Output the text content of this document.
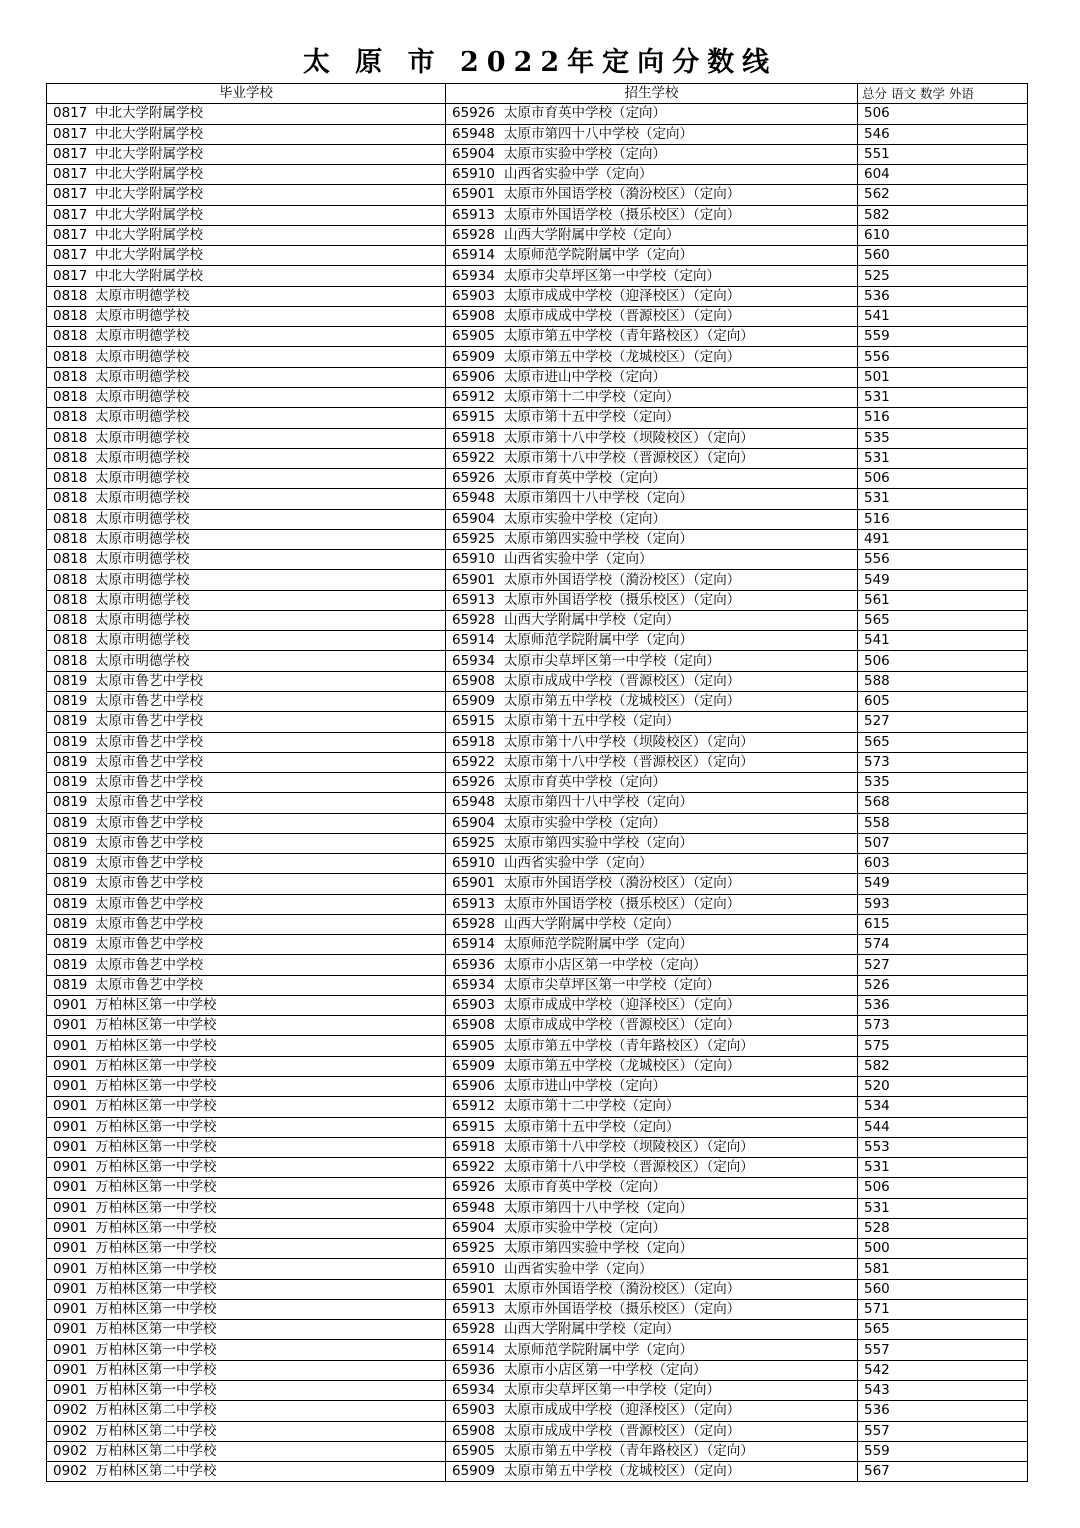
太 原 市 2022年定向分数线
毕业学校	招生学校	总分 语文 数学 外语
0817 中北大学附属学校	65926 太原市育英中学校（定向）	506
0817 中北大学附属学校	65948 太原市第四十八中学校（定向）	546
0817 中北大学附属学校	65904 太原市实验中学校（定向）	551
0817 中北大学附属学校	65910 山西省实验中学（定向）	604
0817 中北大学附属学校	65901 太原市外国语学校（漪汾校区）（定向）	562
0817 中北大学附属学校	65913 太原市外国语学校（摄乐校区）（定向）	582
0817 中北大学附属学校	65928 山西大学附属中学校（定向）	610
0817 中北大学附属学校	65914 太原师范学院附属中学（定向）	560
0817 中北大学附属学校	65934 太原市尖草坪区第一中学校（定向）	525
0818 太原市明德学校	65903 太原市成成中学校（迎泽校区）（定向）	536
0818 太原市明德学校	65908 太原市成成中学校（晋源校区）（定向）	541
0818 太原市明德学校	65905 太原市第五中学校（青年路校区）（定向）	559
0818 太原市明德学校	65909 太原市第五中学校（龙城校区）（定向）	556
0818 太原市明德学校	65906 太原市进山中学校（定向）	501
0818 太原市明德学校	65912 太原市第十二中学校（定向）	531
0818 太原市明德学校	65915 太原市第十五中学校（定向）	516
0818 太原市明德学校	65918 太原市第十八中学校（坝陵校区）（定向）	535
0818 太原市明德学校	65922 太原市第十八中学校（晋源校区）（定向）	531
0818 太原市明德学校	65926 太原市育英中学校（定向）	506
0818 太原市明德学校	65948 太原市第四十八中学校（定向）	531
0818 太原市明德学校	65904 太原市实验中学校（定向）	516
0818 太原市明德学校	65925 太原市第四实验中学校（定向）	491
0818 太原市明德学校	65910 山西省实验中学（定向）	556
0818 太原市明德学校	65901 太原市外国语学校（漪汾校区）（定向）	549
0818 太原市明德学校	65913 太原市外国语学校（摄乐校区）（定向）	561
0818 太原市明德学校	65928 山西大学附属中学校（定向）	565
0818 太原市明德学校	65914 太原师范学院附属中学（定向）	541
0818 太原市明德学校	65934 太原市尖草坪区第一中学校（定向）	506
0819 太原市鲁艺中学校	65908 太原市成成中学校（晋源校区）（定向）	588
0819 太原市鲁艺中学校	65909 太原市第五中学校（龙城校区）（定向）	605
0819 太原市鲁艺中学校	65915 太原市第十五中学校（定向）	527
0819 太原市鲁艺中学校	65918 太原市第十八中学校（坝陵校区）（定向）	565
0819 太原市鲁艺中学校	65922 太原市第十八中学校（晋源校区）（定向）	573
0819 太原市鲁艺中学校	65926 太原市育英中学校（定向）	535
0819 太原市鲁艺中学校	65948 太原市第四十八中学校（定向）	568
0819 太原市鲁艺中学校	65904 太原市实验中学校（定向）	558
0819 太原市鲁艺中学校	65925 太原市第四实验中学校（定向）	507
0819 太原市鲁艺中学校	65910 山西省实验中学（定向）	603
0819 太原市鲁艺中学校	65901 太原市外国语学校（漪汾校区）（定向）	549
0819 太原市鲁艺中学校	65913 太原市外国语学校（摄乐校区）（定向）	593
0819 太原市鲁艺中学校	65928 山西大学附属中学校（定向）	615
0819 太原市鲁艺中学校	65914 太原师范学院附属中学（定向）	574
0819 太原市鲁艺中学校	65936 太原市小店区第一中学校（定向）	527
0819 太原市鲁艺中学校	65934 太原市尖草坪区第一中学校（定向）	526
0901 万柏林区第一中学校	65903 太原市成成中学校（迎泽校区）（定向）	536
0901 万柏林区第一中学校	65908 太原市成成中学校（晋源校区）（定向）	573
0901 万柏林区第一中学校	65905 太原市第五中学校（青年路校区）（定向）	575
0901 万柏林区第一中学校	65909 太原市第五中学校（龙城校区）（定向）	582
0901 万柏林区第一中学校	65906 太原市进山中学校（定向）	520
0901 万柏林区第一中学校	65912 太原市第十二中学校（定向）	534
0901 万柏林区第一中学校	65915 太原市第十五中学校（定向）	544
0901 万柏林区第一中学校	65918 太原市第十八中学校（坝陵校区）（定向）	553
0901 万柏林区第一中学校	65922 太原市第十八中学校（晋源校区）（定向）	531
0901 万柏林区第一中学校	65926 太原市育英中学校（定向）	506
0901 万柏林区第一中学校	65948 太原市第四十八中学校（定向）	531
0901 万柏林区第一中学校	65904 太原市实验中学校（定向）	528
0901 万柏林区第一中学校	65925 太原市第四实验中学校（定向）	500
0901 万柏林区第一中学校	65910 山西省实验中学（定向）	581
0901 万柏林区第一中学校	65901 太原市外国语学校（漪汾校区）（定向）	560
0901 万柏林区第一中学校	65913 太原市外国语学校（摄乐校区）（定向）	571
0901 万柏林区第一中学校	65928 山西大学附属中学校（定向）	565
0901 万柏林区第一中学校	65914 太原师范学院附属中学（定向）	557
0901 万柏林区第一中学校	65936 太原市小店区第一中学校（定向）	542
0901 万柏林区第一中学校	65934 太原市尖草坪区第一中学校（定向）	543
0902 万柏林区第二中学校	65903 太原市成成中学校（迎泽校区）（定向）	536
0902 万柏林区第二中学校	65908 太原市成成中学校（晋源校区）（定向）	557
0902 万柏林区第二中学校	65905 太原市第五中学校（青年路校区）（定向）	559
0902 万柏林区第二中学校	65909 太原市第五中学校（龙城校区）（定向）	567
